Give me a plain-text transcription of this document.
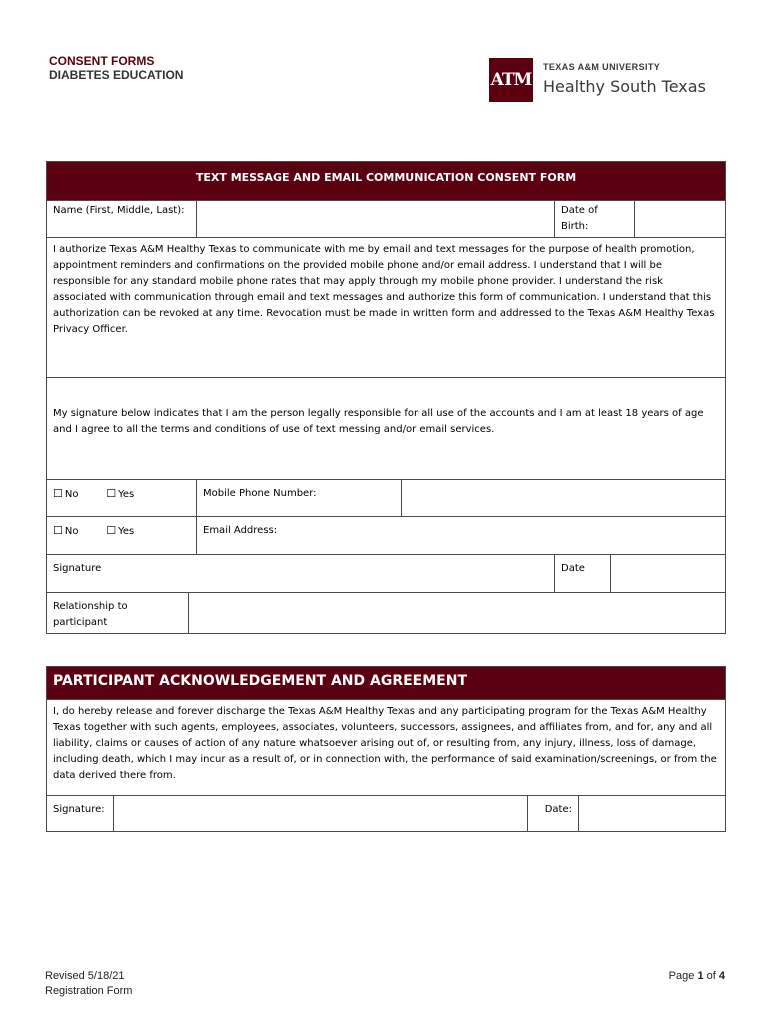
CONSENT FORMS
DIABETES EDUCATION	ATM
TEXAS A&M UNIVERSITY
Healthy South Texas
TEXT MESSAGE AND EMAIL COMMUNICATION CONSENT FORM						
Name (First, Middle, Last):				Date of Birth:		
I authorize Texas A&M Healthy Texas to communicate with me by email and text messages for the purpose of health promotion, appointment reminders and confirmations on the provided mobile phone and/or email address. I understand that I will be responsible for any standard mobile phone rates that may apply through my mobile phone provider. I understand the risk associated with communication through email and text messages and authorize this form of communication. I understand that this authorization can be revoked at any time. Revocation must be made in written form and addressed to the Texas A&M Healthy Texas Privacy Officer.						
My signature below indicates that I am the person legally responsible for all use of the accounts and I am at least 18 years of age and I agree to all the terms and conditions of use of text messing and/or email services.						
☐ No ☐ Yes		Mobile Phone Number:				
☐ No ☐ Yes		Email Address:				
Signature				Date		
Relationship to participant						
PARTICIPANT ACKNOWLEDGEMENT AND AGREEMENT
I, do hereby release and forever discharge the Texas A&M Healthy Texas and any participating program for the Texas A&M Healthy Texas together with such agents, employees, associates, volunteers, successors, assignees, and affiliates from, and for, any and all liability, claims or causes of action of any nature whatsoever arising out of, or resulting from, any injury, illness, loss of damage, including death, which I may incur as a result of, or in connection with, the performance of said examination/screenings, or from the data derived there from.
Signature:		Date:	
Revised 5/18/21
Registration Form
Page 1 of 4
